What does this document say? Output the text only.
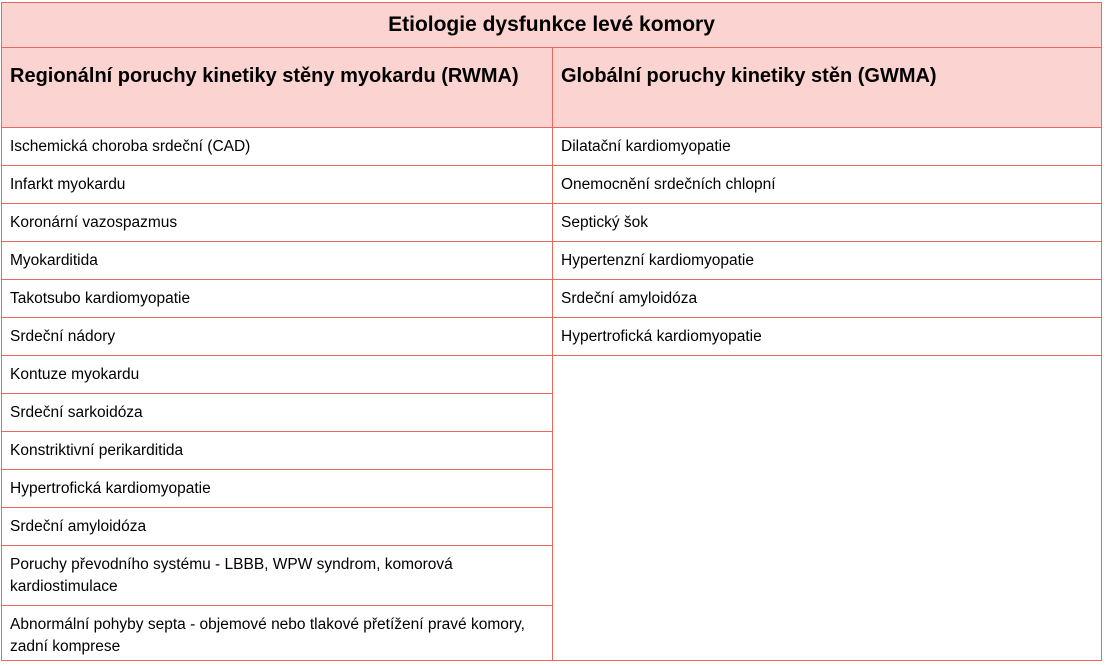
Etiologie dysfunkce levé komory
Regionální poruchy kinetiky stěny myokardu (RWMA)	Globální poruchy kinetiky stěn (GWMA)
Ischemická choroba srdeční (CAD)
Infarkt myokardu
Koronární vazospazmus
Myokarditida
Takotsubo kardiomyopatie
Srdeční nádory
Kontuze myokardu
Srdeční sarkoidóza
Konstriktivní perikarditida
Hypertrofická kardiomyopatie
Srdeční amyloidóza
Poruchy převodního systému - LBBB, WPW syndrom, komorová kardiostimulace
Abnormální pohyby septa - objemové nebo tlakové přetížení pravé komory, zadní komprese
Dilatační kardiomyopatie
Onemocnění srdečních chlopní
Septický šok
Hypertenzní kardiomyopatie
Srdeční amyloidóza
Hypertrofická kardiomyopatie
